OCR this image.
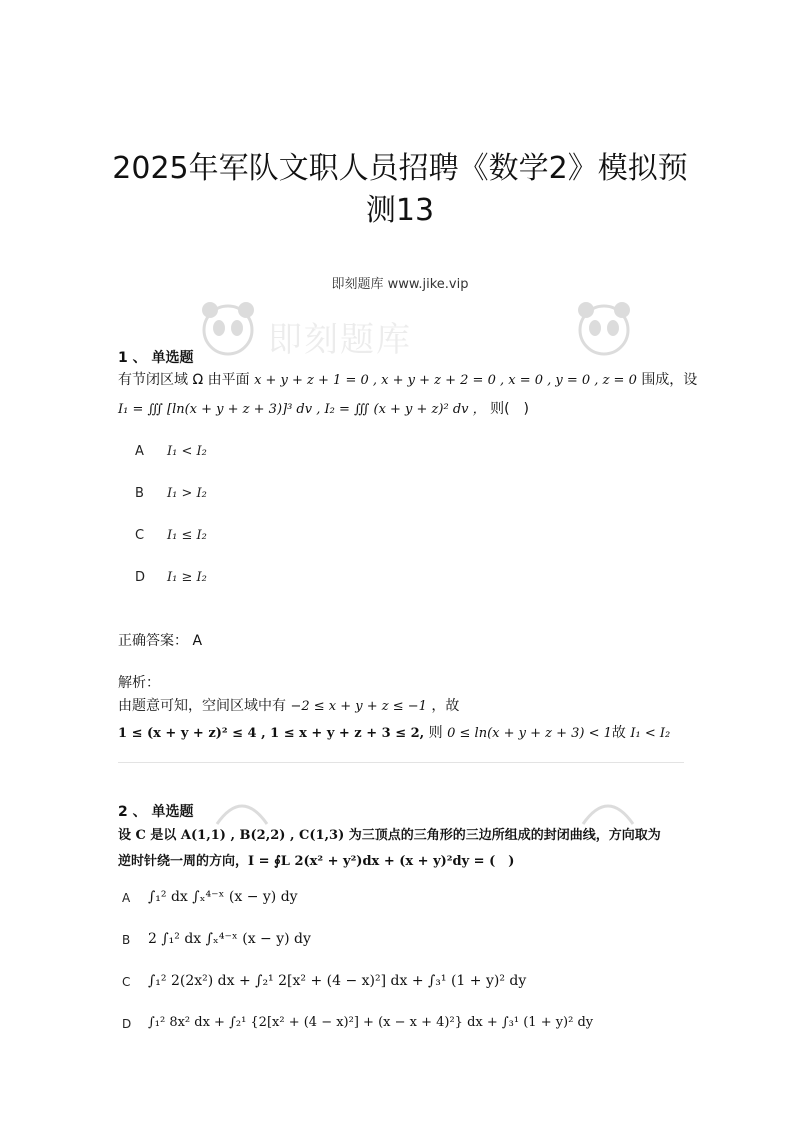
即刻题库
2025年军队文职人员招聘《数学2》模拟预测13
即刻题库 www.jike.vip
1 、 单选题
有节闭区域 Ω 由平面 x + y + z + 1 = 0 , x + y + z + 2 = 0 , x = 0 , y = 0 , z = 0 围成，设
I₁ = ∭ [ln(x + y + z + 3)]³ dv , I₂ = ∭ (x + y + z)² dv ， 则(　)
A I₁ < I₂
B I₁ > I₂
C I₁ ≤ I₂
D I₁ ≥ I₂
正确答案： A
解析：
由题意可知，空间区域中有 −2 ≤ x + y + z ≤ −1 ，故
1 ≤ (x + y + z)² ≤ 4 , 1 ≤ x + y + z + 3 ≤ 2, 则 0 ≤ ln(x + y + z + 3) < 1故 I₁ < I₂
2 、 单选题
设 C 是以 A(1,1) , B(2,2) , C(1,3) 为三顶点的三角形的三边所组成的封闭曲线，方向取为
逆时针绕一周的方向，I = ∮L 2(x² + y²)dx + (x + y)²dy = (　)
A ∫₁² dx ∫ₓ⁴⁻ˣ (x − y) dy
B 2 ∫₁² dx ∫ₓ⁴⁻ˣ (x − y) dy
C ∫₁² 2(2x²) dx + ∫₂¹ 2[x² + (4 − x)²] dx + ∫₃¹ (1 + y)² dy
D ∫₁² 8x² dx + ∫₂¹ {2[x² + (4 − x)²] + (x − x + 4)²} dx + ∫₃¹ (1 + y)² dy
